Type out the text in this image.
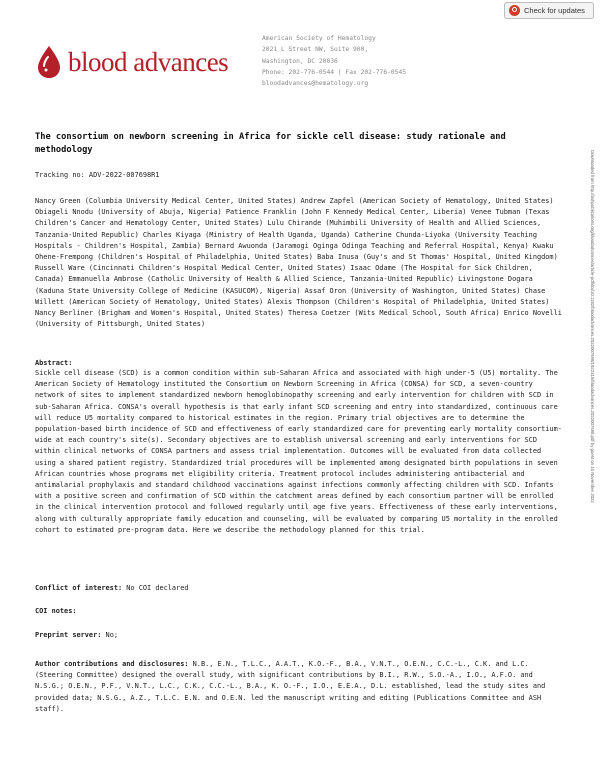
Check for updates
blood advances
American Society of Hematology
2021 L Street NW, Suite 900,
Washington, DC 20036
Phone: 202-776-0544 | Fax 202-776-0545
bloodadvances@hematology.org
Downloaded from http://ashpublications.org/bloodadvances/article-pdf/doi/10.1182/bloodadvances.2022007698/1922315/bloodadvances.2022007698.pdf by guest on 10 November 2022
The consortium on newborn screening in Africa for sickle cell disease: study rationale and methodology
Tracking no: ADV-2022-007698R1
Nancy Green (Columbia University Medical Center, United States) Andrew Zapfel (American Society of Hematology, United States) Obiageli Nnodu (University of Abuja, Nigeria) Patience Franklin (John F Kennedy Medical Center, Liberia) Venee Tubman (Texas Children's Cancer and Hematology Center, United States) Lulu Chirande (Muhimbili University of Health and Allied Sciences, Tanzania-United Republic) Charles Kiyaga (Ministry of Health Uganda, Uganda) Catherine Chunda-Liyoka (University Teaching Hospitals - Children's Hospital, Zambia) Bernard Awuonda (Jaramogi Oginga Odinga Teaching and Referral Hospital, Kenya) Kwaku Ohene-Frempong (Children's Hospital of Philadelphia, United States) Baba Inusa (Guy's and St Thomas' Hospital, United Kingdom) Russell Ware (Cincinnati Children's Hospital Medical Center, United States) Isaac Odame (The Hospital for Sick Children, Canada) Emmanuella Ambrose (Catholic University of Health & Allied Science, Tanzania-United Republic) Livingstone Dogara (Kaduna State University College of Medicine (KASUCOM), Nigeria) Assaf Oron (University of Washington, United States) Chase Willett (American Society of Hematology, United States) Alexis Thompson (Children's Hospital of Philadelphia, United States) Nancy Berliner (Brigham and Women's Hospital, United States) Theresa Coetzer (Wits Medical School, South Africa) Enrico Novelli (University of Pittsburgh, United States)
Abstract:
Sickle cell disease (SCD) is a common condition within sub-Saharan Africa and associated with high under-5 (U5) mortality. The American Society of Hematology instituted the Consortium on Newborn Screening in Africa (CONSA) for SCD, a seven-country network of sites to implement standardized newborn hemoglobinopathy screening and early intervention for children with SCD in sub-Saharan Africa. CONSA's overall hypothesis is that early infant SCD screening and entry into standardized, continuous care will reduce U5 mortality compared to historical estimates in the region. Primary trial objectives are to determine the population-based birth incidence of SCD and effectiveness of early standardized care for preventing early mortality consortium-wide at each country's site(s). Secondary objectives are to establish universal screening and early interventions for SCD within clinical networks of CONSA partners and assess trial implementation. Outcomes will be evaluated from data collected using a shared patient registry. Standardized trial procedures will be implemented among designated birth populations in seven African countries whose programs met eligibility criteria. Treatment protocol includes administering antibacterial and antimalarial prophylaxis and standard childhood vaccinations against infections commonly affecting children with SCD. Infants with a positive screen and confirmation of SCD within the catchment areas defined by each consortium partner will be enrolled in the clinical intervention protocol and followed regularly until age five years. Effectiveness of these early interventions, along with culturally appropriate family education and counseling, will be evaluated by comparing U5 mortality in the enrolled cohort to estimated pre-program data. Here we describe the methodology planned for this trial.
Conflict of interest: No COI declared
COI notes:
Preprint server: No;
Author contributions and disclosures: N.B., E.N., T.L.C., A.A.T., K.O.-F., B.A., V.N.T., O.E.N., C.C.-L., C.K. and L.C. (Steering Committee) designed the overall study, with significant contributions by B.I., R.W., S.O.-A., I.O., A.F.O. and N.S.G.; O.E.N., P.F., V.N.T., L.C., C.K., C.C.-L., B.A., K. O.-F., I.O., E.E.A., D.L. established, lead the study sites and provided data; N.S.G., A.Z., T.L.C. E.N. and O.E.N. led the manuscript writing and editing (Publications Committee and ASH staff).
